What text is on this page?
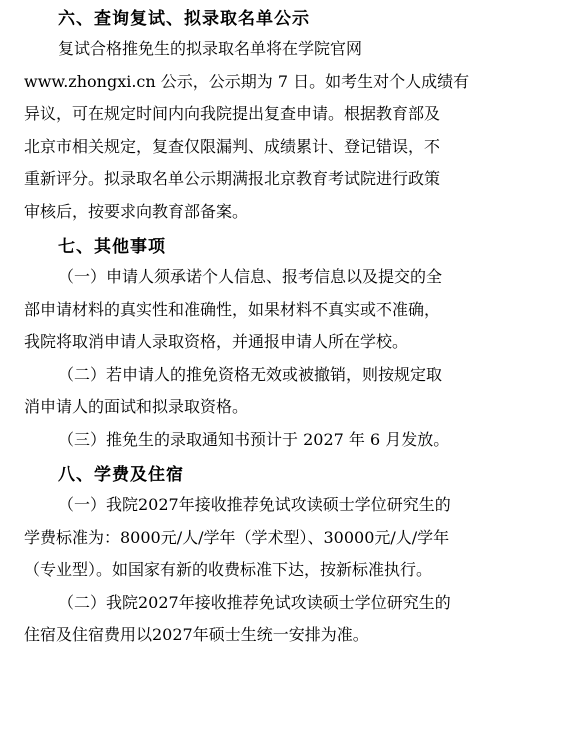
六、查询复试、拟录取名单公示
复试合格推免生的拟录取名单将在学院官网
www.zhongxi.cn 公示，公示期为 7 日。如考生对个人成绩有
异议，可在规定时间内向我院提出复查申请。根据教育部及
北京市相关规定，复查仅限漏判、成绩累计、登记错误，不
重新评分。拟录取名单公示期满报北京教育考试院进行政策
审核后，按要求向教育部备案。
七、其他事项
（一）申请人须承诺个人信息、报考信息以及提交的全
部申请材料的真实性和准确性，如果材料不真实或不准确，
我院将取消申请人录取资格，并通报申请人所在学校。
（二）若申请人的推免资格无效或被撤销，则按规定取
消申请人的面试和拟录取资格。
（三）推免生的录取通知书预计于 2027 年 6 月发放。
八、学费及住宿
（一）我院2027年接收推荐免试攻读硕士学位研究生的
学费标准为：8000元/人/学年（学术型）、30000元/人/学年
（专业型）。如国家有新的收费标准下达，按新标准执行。
（二）我院2027年接收推荐免试攻读硕士学位研究生的
住宿及住宿费用以2027年硕士生统一安排为准。
